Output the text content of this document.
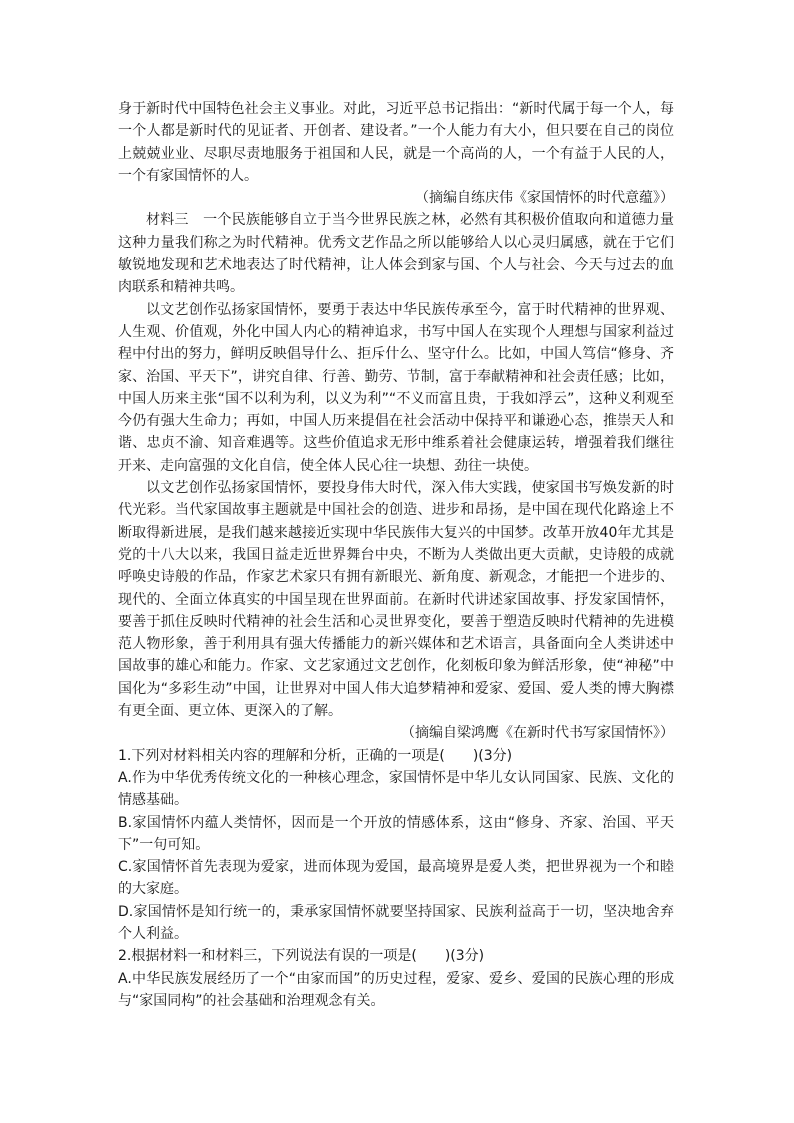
身于新时代中国特色社会主义事业。对此，习近平总书记指出：“新时代属于每一个人，每一个人都是新时代的见证者、开创者、建设者。”一个人能力有大小，但只要在自己的岗位上兢兢业业、尽职尽责地服务于祖国和人民，就是一个高尚的人，一个有益于人民的人，一个有家国情怀的人。

（摘编自练庆伟《家国情怀的时代意蕴》）

材料三　一个民族能够自立于当今世界民族之林，必然有其积极价值取向和道德力量这种力量我们称之为时代精神。优秀文艺作品之所以能够给人以心灵归属感，就在于它们敏锐地发现和艺术地表达了时代精神，让人体会到家与国、个人与社会、今天与过去的血肉联系和精神共鸣。

以文艺创作弘扬家国情怀，要勇于表达中华民族传承至今，富于时代精神的世界观、人生观、价值观，外化中国人内心的精神追求，书写中国人在实现个人理想与国家利益过程中付出的努力，鲜明反映倡导什么、拒斥什么、坚守什么。比如，中国人笃信“修身、齐家、治国、平天下”，讲究自律、行善、勤劳、节制，富于奉献精神和社会责任感；比如，中国人历来主张“国不以利为利，以义为利”“不义而富且贵，于我如浮云”，这种义利观至今仍有强大生命力；再如，中国人历来提倡在社会活动中保持平和谦逊心态，推崇天人和谐、忠贞不渝、知音难遇等。这些价值追求无形中维系着社会健康运转，增强着我们继往开来、走向富强的文化自信，使全体人民心往一块想、劲往一块使。

以文艺创作弘扬家国情怀，要投身伟大时代，深入伟大实践，使家国书写焕发新的时代光彩。当代家国故事主题就是中国社会的创造、进步和昂扬，是中国在现代化路途上不断取得新进展，是我们越来越接近实现中华民族伟大复兴的中国梦。改革开放40年尤其是党的十八大以来，我国日益走近世界舞台中央，不断为人类做出更大贡献，史诗般的成就呼唤史诗般的作品，作家艺术家只有拥有新眼光、新角度、新观念，才能把一个进步的、现代的、全面立体真实的中国呈现在世界面前。在新时代讲述家国故事、抒发家国情怀，要善于抓住反映时代精神的社会生活和心灵世界变化，要善于塑造反映时代精神的先进模范人物形象，善于利用具有强大传播能力的新兴媒体和艺术语言，具备面向全人类讲述中国故事的雄心和能力。作家、文艺家通过文艺创作，化刻板印象为鲜活形象，使“神秘”中国化为“多彩生动”中国，让世界对中国人伟大追梦精神和爱家、爱国、爱人类的博大胸襟有更全面、更立体、更深入的了解。

（摘编自梁鸿鹰《在新时代书写家国情怀》）

1.下列对材料相关内容的理解和分析，正确的一项是(　　)(3分)

A.作为中华优秀传统文化的一种核心理念，家国情怀是中华儿女认同国家、民族、文化的情感基础。

B.家国情怀内蕴人类情怀，因而是一个开放的情感体系，这由“修身、齐家、治国、平天下”一句可知。

C.家国情怀首先表现为爱家，进而体现为爱国，最高境界是爱人类，把世界视为一个和睦的大家庭。

D.家国情怀是知行统一的，秉承家国情怀就要坚持国家、民族利益高于一切，坚决地舍弃个人利益。

2.根据材料一和材料三，下列说法有误的一项是(　　)(3分)

A.中华民族发展经历了一个“由家而国”的历史过程，爱家、爱乡、爱国的民族心理的形成与“家国同构”的社会基础和治理观念有关。
